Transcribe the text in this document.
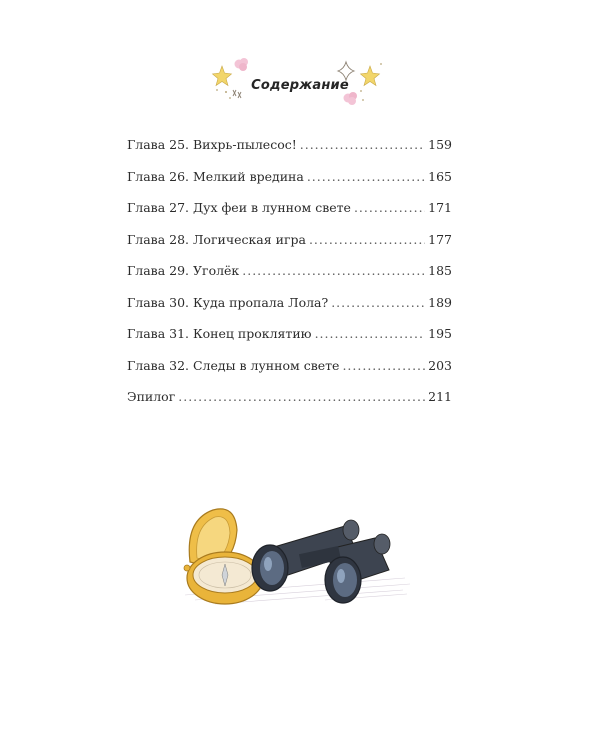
Содержание
Глава 25. Вихрь-пылесос! .....	159
Глава 26. Мелкий вредина .....	165
Глава 27. Дух феи в лунном свете .....	171
Глава 28. Логическая игра .....	177
Глава 29. Уголёк .....	185
Глава 30. Куда пропала Лола? .....	189
Глава 31. Конец проклятию .....	195
Глава 32. Следы в лунном свете .....	203
Эпилог .....	211
